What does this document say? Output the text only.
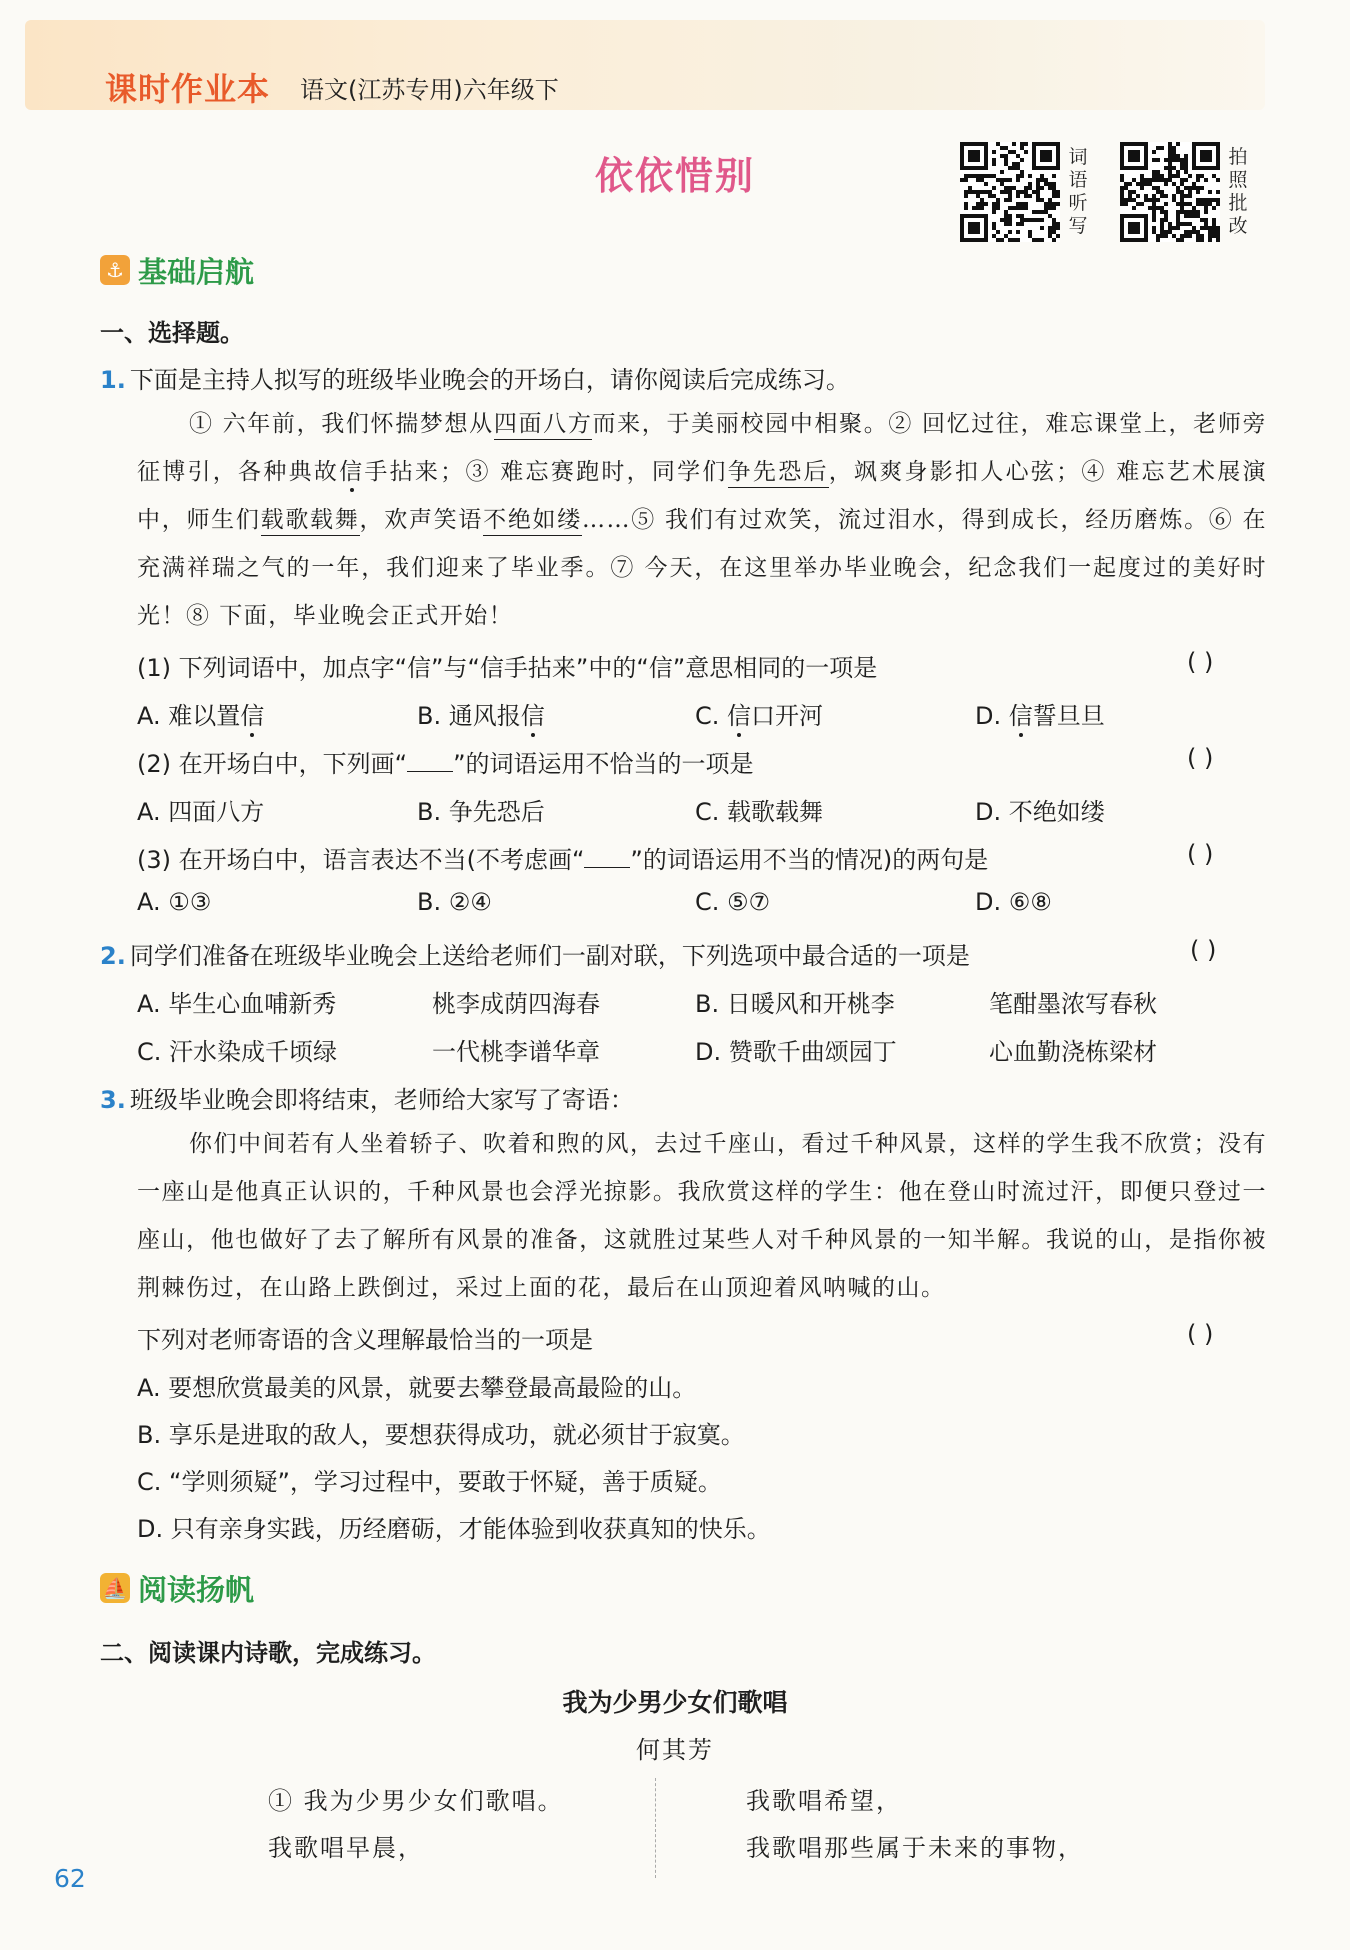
课时作业本 语文(江苏专用)六年级下
依依惜别	词
语
听
写
拍
照
批
改
⚓ 基础启航
一、选择题。
1. 下面是主持人拟写的班级毕业晚会的开场白，请你阅读后完成练习。
① 六年前，我们怀揣梦想从四面八方而来，于美丽校园中相聚。② 回忆过往，难忘课堂上，老师旁征博引，各种典故信手拈来；③ 难忘赛跑时，同学们争先恐后，飒爽身影扣人心弦；④ 难忘艺术展演中，师生们载歌载舞，欢声笑语不绝如缕……⑤ 我们有过欢笑，流过泪水，得到成长，经历磨炼。⑥ 在充满祥瑞之气的一年，我们迎来了毕业季。⑦ 今天，在这里举办毕业晚会，纪念我们一起度过的美好时光！⑧ 下面，毕业晚会正式开始！
(1) 下列词语中，加点字“信”与“信手拈来”中的“信”意思相同的一项是	( )
A. 难以置信	B. 通风报信	C. 信口开河	D. 信誓旦旦
(2) 在开场白中，下列画“ ”的词语运用不恰当的一项是	( )
A. 四面八方	B. 争先恐后	C. 载歌载舞	D. 不绝如缕
(3) 在开场白中，语言表达不当(不考虑画“ ”的词语运用不当的情况)的两句是	( )
A. ①③	B. ②④	C. ⑤⑦	D. ⑥⑧
2. 同学们准备在班级毕业晚会上送给老师们一副对联，下列选项中最合适的一项是	( )
A. 毕生心血哺新秀	桃李成荫四海春	B. 日暖风和开桃李	笔酣墨浓写春秋
C. 汗水染成千顷绿	一代桃李谱华章	D. 赞歌千曲颂园丁	心血勤浇栋梁材
3. 班级毕业晚会即将结束，老师给大家写了寄语：
你们中间若有人坐着轿子、吹着和煦的风，去过千座山，看过千种风景，这样的学生我不欣赏；没有一座山是他真正认识的，千种风景也会浮光掠影。我欣赏这样的学生：他在登山时流过汗，即便只登过一座山，他也做好了去了解所有风景的准备，这就胜过某些人对千种风景的一知半解。我说的山，是指你被荆棘伤过，在山路上跌倒过，采过上面的花，最后在山顶迎着风呐喊的山。
下列对老师寄语的含义理解最恰当的一项是	( )
A. 要想欣赏最美的风景，就要去攀登最高最险的山。
B. 享乐是进取的敌人，要想获得成功，就必须甘于寂寞。
C. “学则须疑”，学习过程中，要敢于怀疑，善于质疑。
D. 只有亲身实践，历经磨砺，才能体验到收获真知的快乐。
⛵ 阅读扬帆
二、阅读课内诗歌，完成练习。
我为少男少女们歌唱
何其芳
① 我为少男少女们歌唱。
我歌唱早晨，
我歌唱希望，
我歌唱那些属于未来的事物，
62
